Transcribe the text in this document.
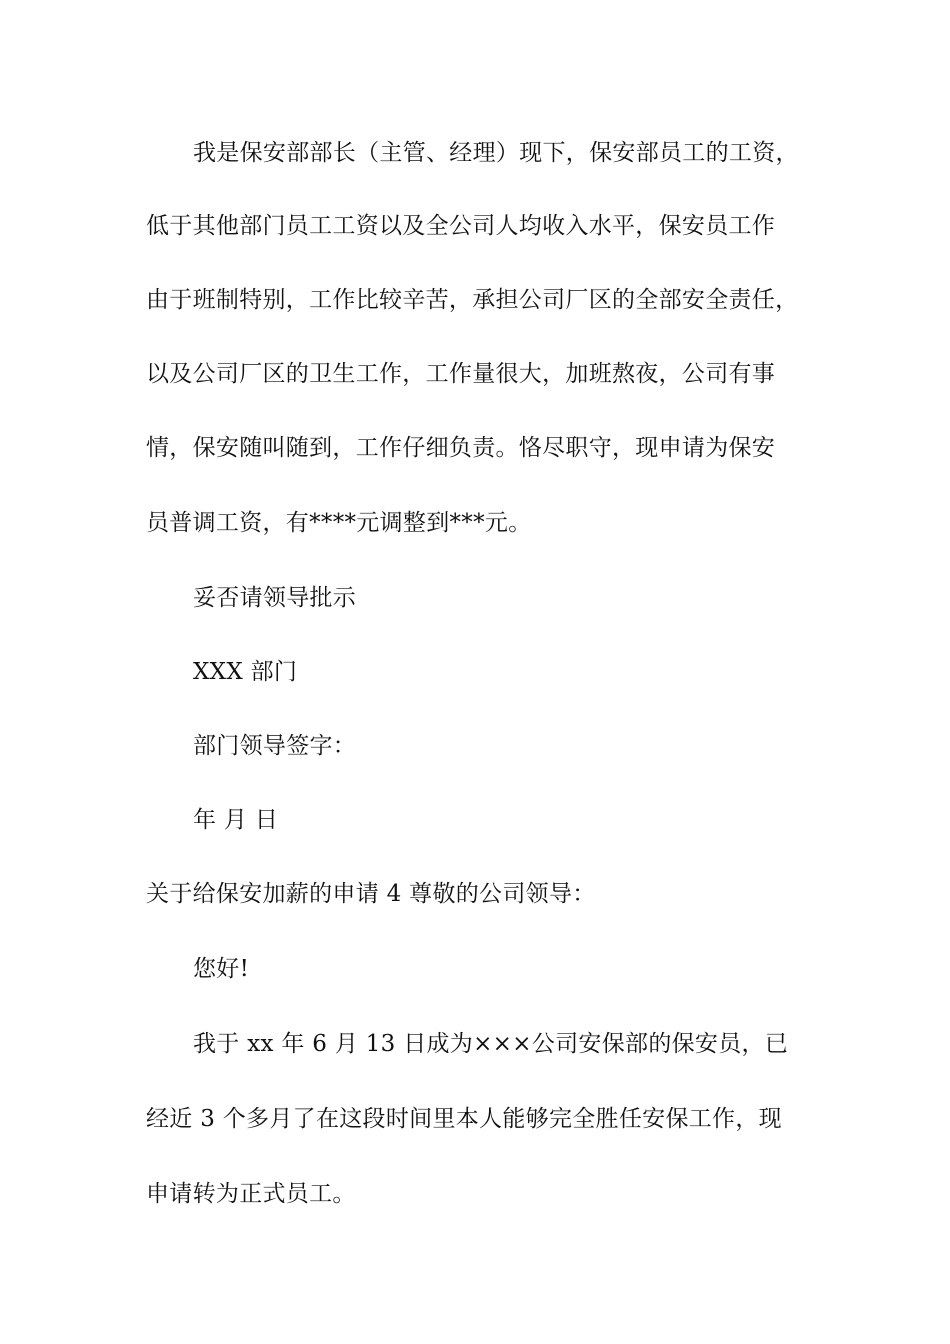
我是保安部部长（主管、经理）现下，保安部员工的工资，
低于其他部门员工工资以及全公司人均收入水平，保安员工作
由于班制特别，工作比较辛苦，承担公司厂区的全部安全责任，
以及公司厂区的卫生工作，工作量很大，加班熬夜，公司有事
情，保安随叫随到，工作仔细负责。恪尽职守，现申请为保安
员普调工资，有****元调整到***元。
妥否请领导批示
XXX 部门
部门领导签字：
年 月 日
关于给保安加薪的申请 4 尊敬的公司领导：
您好!
我于 xx 年 6 月 13 日成为×××公司安保部的保安员，已
经近 3 个多月了在这段时间里本人能够完全胜任安保工作，现
申请转为正式员工。
